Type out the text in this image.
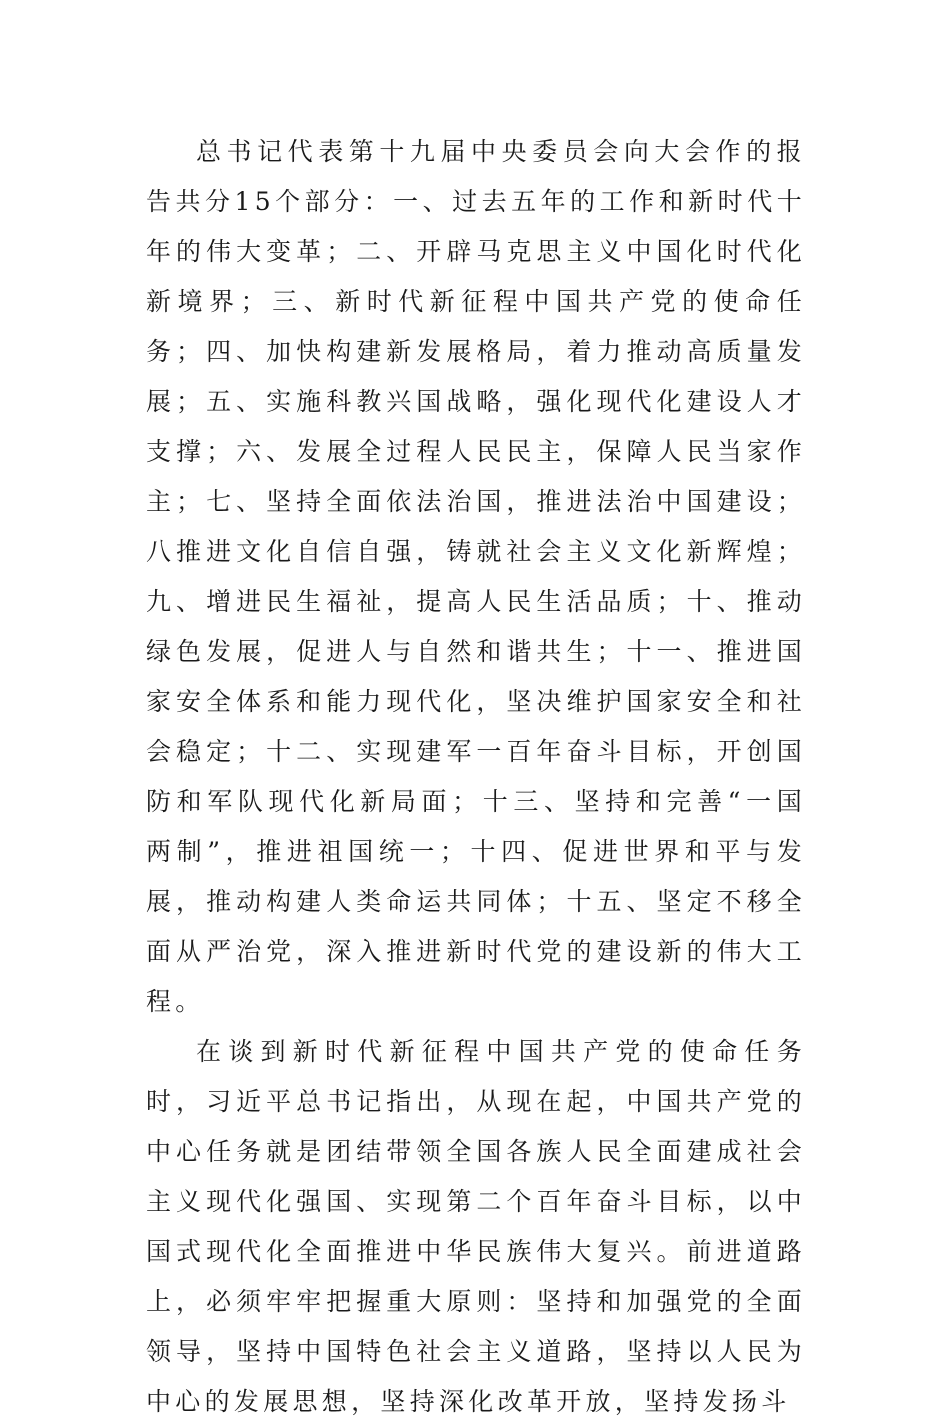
总书记代表第十九届中央委员会向大会作的报告共分15个部分：一、过去五年的工作和新时代十年的伟大变革；二、开辟马克思主义中国化时代化新境界；三、新时代新征程中国共产党的使命任务；四、加快构建新发展格局，着力推动高质量发展；五、实施科教兴国战略，强化现代化建设人才支撑；六、发展全过程人民民主，保障人民当家作主；七、坚持全面依法治国，推进法治中国建设；八推进文化自信自强，铸就社会主义文化新辉煌；九、增进民生福祉，提高人民生活品质；十、推动绿色发展，促进人与自然和谐共生；十一、推进国家安全体系和能力现代化，坚决维护国家安全和社会稳定；十二、实现建军一百年奋斗目标，开创国防和军队现代化新局面；十三、坚持和完善“一国两制”，推进祖国统一；十四、促进世界和平与发展，推动构建人类命运共同体；十五、坚定不移全面从严治党，深入推进新时代党的建设新的伟大工程。

在谈到新时代新征程中国共产党的使命任务时，习近平总书记指出，从现在起，中国共产党的中心任务就是团结带领全国各族人民全面建成社会主义现代化强国、实现第二个百年奋斗目标，以中国式现代化全面推进中华民族伟大复兴。前进道路上，必须牢牢把握重大原则：坚持和加强党的全面领导，坚持中国特色社会主义道路，坚持以人民为中心的发展思想，坚持深化改革开放，坚持发扬斗
